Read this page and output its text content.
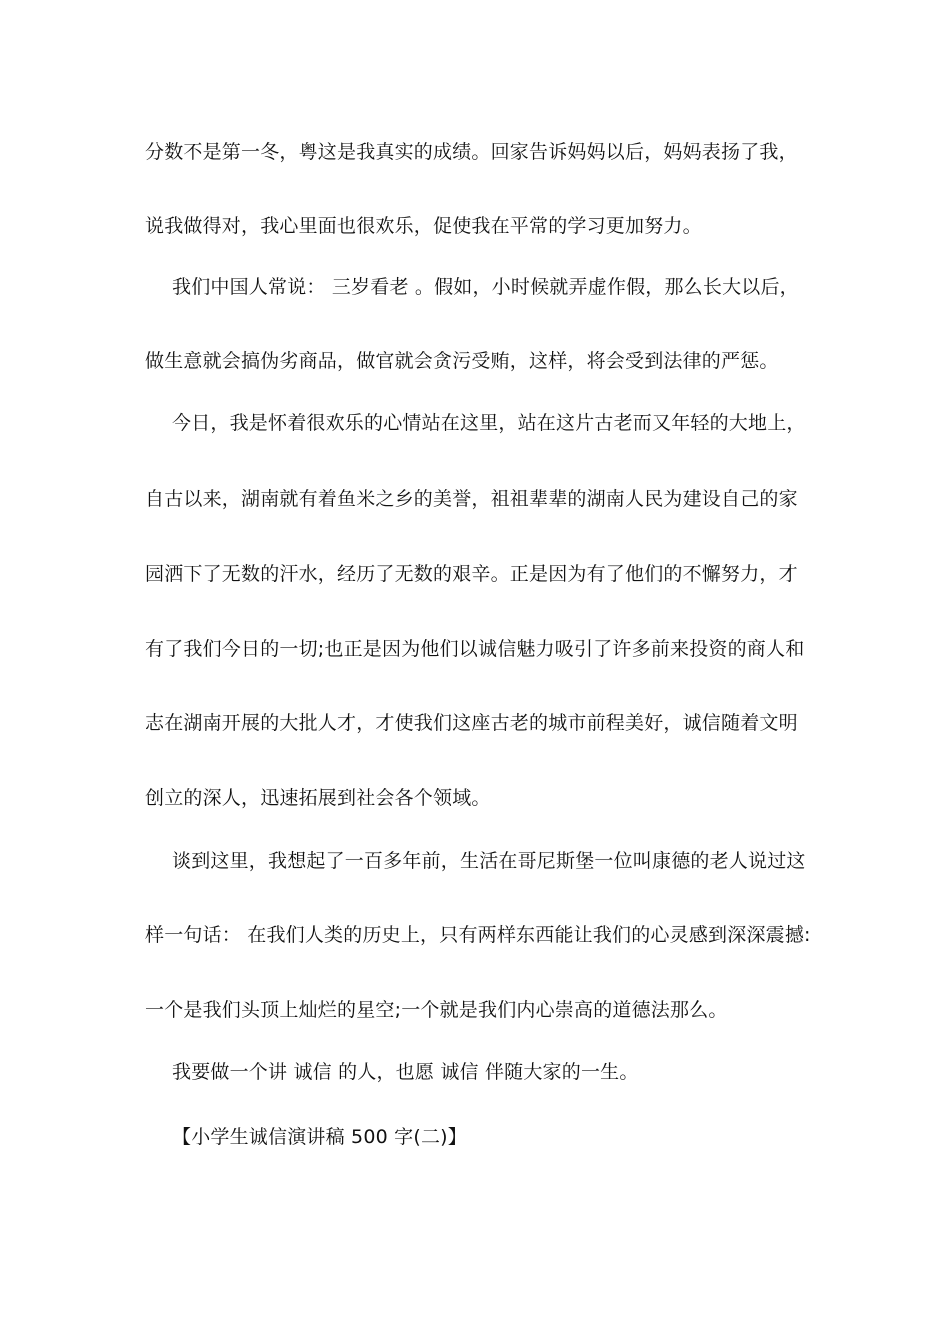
分数不是第一冬，粤这是我真实的成绩。回家告诉妈妈以后，妈妈表扬了我，
说我做得对，我心里面也很欢乐，促使我在平常的学习更加努力。
我们中国人常说： 三岁看老 。假如，小时候就弄虚作假，那么长大以后，
做生意就会搞伪劣商品，做官就会贪污受贿，这样，将会受到法律的严惩。
今日，我是怀着很欢乐的心情站在这里，站在这片古老而又年轻的大地上，
自古以来，湖南就有着鱼米之乡的美誉，祖祖辈辈的湖南人民为建设自己的家
园洒下了无数的汗水，经历了无数的艰辛。正是因为有了他们的不懈努力，才
有了我们今日的一切;也正是因为他们以诚信魅力吸引了许多前来投资的商人和
志在湖南开展的大批人才，才使我们这座古老的城市前程美好，诚信随着文明
创立的深人，迅速拓展到社会各个领域。
谈到这里，我想起了一百多年前，生活在哥尼斯堡一位叫康德的老人说过这
样一句话： 在我们人类的历史上，只有两样东西能让我们的心灵感到深深震撼:
一个是我们头顶上灿烂的星空;一个就是我们内心崇高的道德法那么。
我要做一个讲 诚信 的人，也愿 诚信 伴随大家的一生。
【小学生诚信演讲稿 500 字(二)】
